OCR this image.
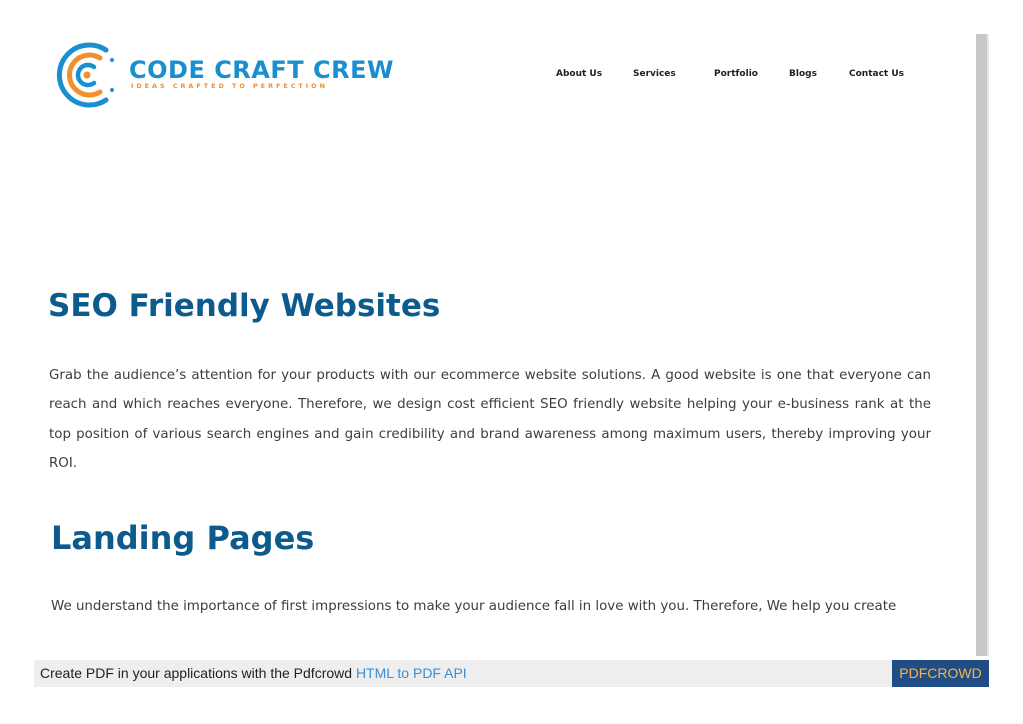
CODE CRAFT CREW
IDEAS CRAFTED TO PERFECTION
About Us	Services	Portfolio	Blogs	Contact Us
SEO Friendly Websites

Grab the audience’s attention for your products with our ecommerce website solutions. A good website is one that everyone can reach and which reaches everyone. Therefore, we design cost efficient SEO friendly website helping your e-business rank at the top position of various search engines and gain credibility and brand awareness among maximum users, thereby improving your ROI.

Landing Pages

We understand the importance of first impressions to make your audience fall in love with you. Therefore, We help you create

Create PDF in your applications with the Pdfcrowd HTML to PDF API	PDFCROWD
